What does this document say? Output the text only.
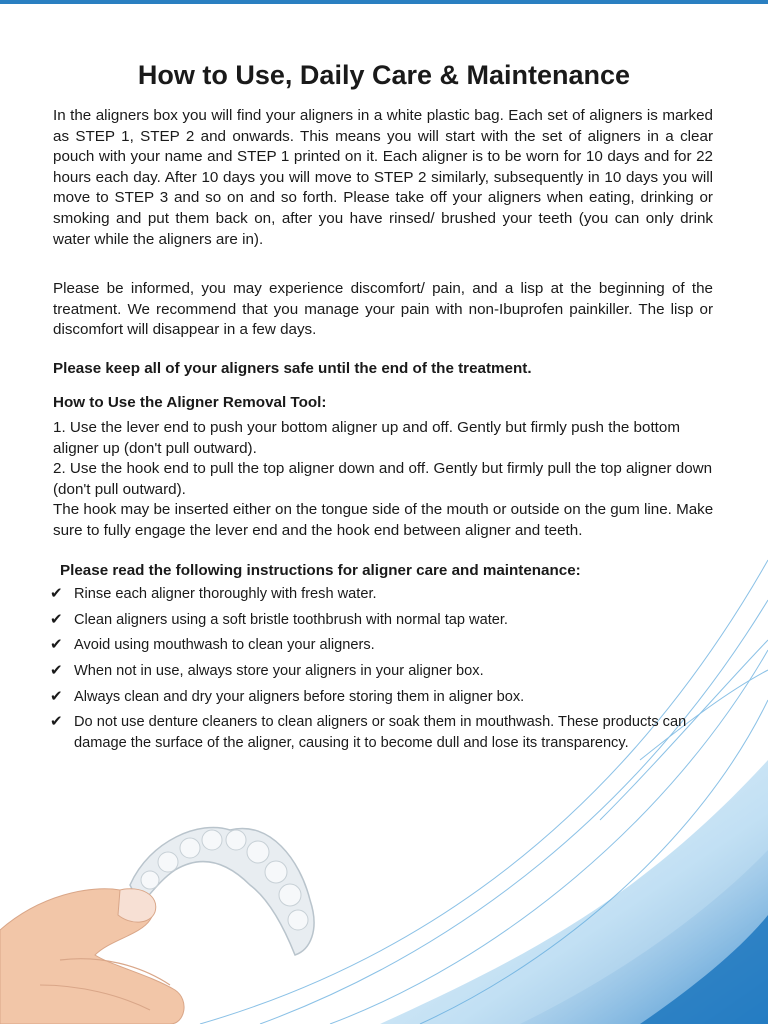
How to Use, Daily Care & Maintenance

In the aligners box you will find your aligners in a white plastic bag. Each set of aligners is marked as STEP 1, STEP 2 and onwards. This means you will start with the set of aligners in a clear pouch with your name and STEP 1 printed on it. Each aligner is to be worn for 10 days and for 22 hours each day. After 10 days you will move to STEP 2 similarly, subsequently in 10 days you will move to STEP 3 and so on and so forth. Please take off your aligners when eating, drinking or smoking and put them back on, after you have rinsed/ brushed your teeth (you can only drink water while the aligners are in).

Please be informed, you may experience discomfort/ pain, and a lisp at the beginning of the treatment. We recommend that you manage your pain with non-Ibuprofen painkiller. The lisp or discomfort will disappear in a few days.

Please keep all of your aligners safe until the end of the treatment.

How to Use the Aligner Removal Tool:

1. Use the lever end to push your bottom aligner up and off. Gently but firmly push the bottom aligner up (don't pull outward).
2. Use the hook end to pull the top aligner down and off. Gently but firmly pull the top aligner down (don't pull outward).
The hook may be inserted either on the tongue side of the mouth or outside on the gum line. Make sure to fully engage the lever end and the hook end between aligner and teeth.

Please read the following instructions for aligner care and maintenance:

✔ Rinse each aligner thoroughly with fresh water.
✔ Clean aligners using a soft bristle toothbrush with normal tap water.
✔ Avoid using mouthwash to clean your aligners.
✔ When not in use, always store your aligners in your aligner box.
✔ Always clean and dry your aligners before storing them in aligner box.
✔ Do not use denture cleaners to clean aligners or soak them in mouthwash. These products can damage the surface of the aligner, causing it to become dull and lose its transparency.
